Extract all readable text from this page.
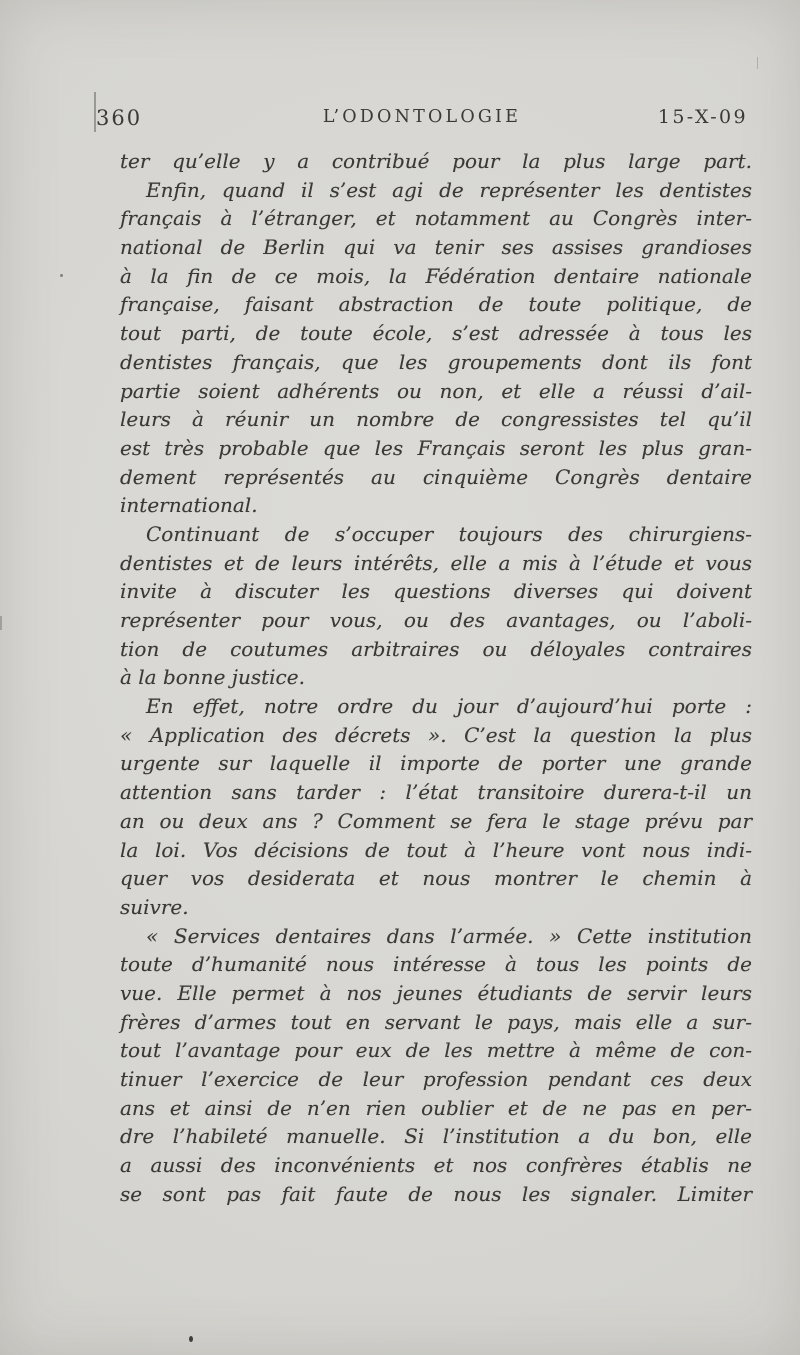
360	L’ODONTOLOGIE	15-X-09
ter qu’elle y a contribué pour la plus large part.
Enfin, quand il s’est agi de représenter les dentistes
français à l’étranger, et notamment au Congrès inter-
national de Berlin qui va tenir ses assises grandioses
à la fin de ce mois, la Fédération dentaire nationale
française, faisant abstraction de toute politique, de
tout parti, de toute école, s’est adressée à tous les
dentistes français, que les groupements dont ils font
partie soient adhérents ou non, et elle a réussi d’ail-
leurs à réunir un nombre de congressistes tel qu’il
est très probable que les Français seront les plus gran-
dement représentés au cinquième Congrès dentaire
international.
Continuant de s’occuper toujours des chirurgiens-
dentistes et de leurs intérêts, elle a mis à l’étude et vous
invite à discuter les questions diverses qui doivent
représenter pour vous, ou des avantages, ou l’aboli-
tion de coutumes arbitraires ou déloyales contraires
à la bonne justice.
En effet, notre ordre du jour d’aujourd’hui porte :
« Application des décrets ». C’est la question la plus
urgente sur laquelle il importe de porter une grande
attention sans tarder : l’état transitoire durera-t-il un
an ou deux ans ? Comment se fera le stage prévu par
la loi. Vos décisions de tout à l’heure vont nous indi-
quer vos desiderata et nous montrer le chemin à
suivre.
« Services dentaires dans l’armée. » Cette institution
toute d’humanité nous intéresse à tous les points de
vue. Elle permet à nos jeunes étudiants de servir leurs
frères d’armes tout en servant le pays, mais elle a sur-
tout l’avantage pour eux de les mettre à même de con-
tinuer l’exercice de leur profession pendant ces deux
ans et ainsi de n’en rien oublier et de ne pas en per-
dre l’habileté manuelle. Si l’institution a du bon, elle
a aussi des inconvénients et nos confrères établis ne
se sont pas fait faute de nous les signaler. Limiter
